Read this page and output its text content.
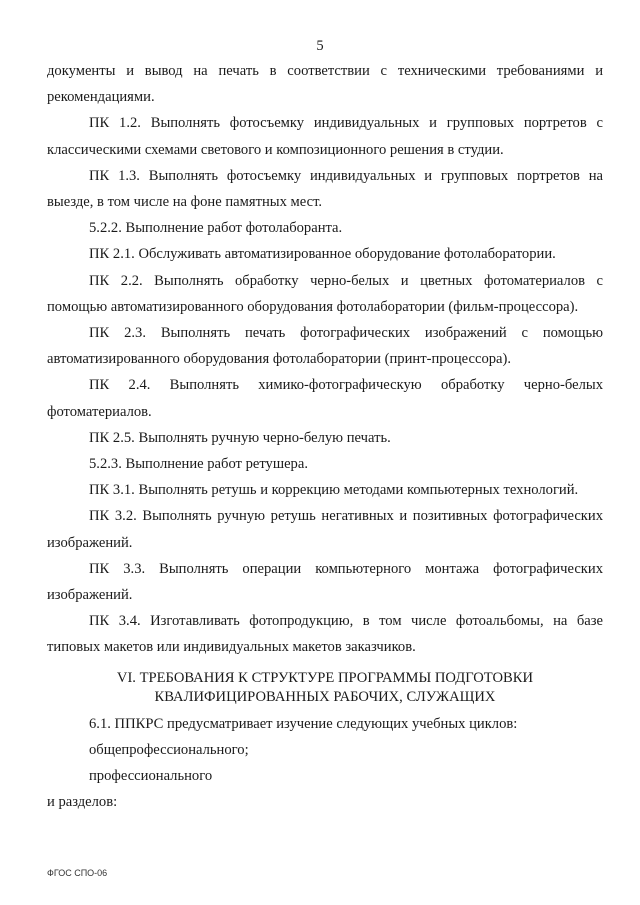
5

документы и вывод на печать в соответствии с техническими требованиями и рекомендациями.

ПК 1.2. Выполнять фотосъемку индивидуальных и групповых портретов с классическими схемами светового и композиционного решения в студии.

ПК 1.3. Выполнять фотосъемку индивидуальных и групповых портретов на выезде, в том числе на фоне памятных мест.

5.2.2. Выполнение работ фотолаборанта.

ПК 2.1. Обслуживать автоматизированное оборудование фотолаборатории.

ПК 2.2. Выполнять обработку черно-белых и цветных фотоматериалов с помощью автоматизированного оборудования фотолаборатории (фильм-процессора).

ПК 2.3. Выполнять печать фотографических изображений с помощью автоматизированного оборудования фотолаборатории (принт-процессора).

ПК 2.4. Выполнять химико-фотографическую обработку черно-белых фотоматериалов.

ПК 2.5. Выполнять ручную черно-белую печать.

5.2.3. Выполнение работ ретушера.

ПК 3.1. Выполнять ретушь и коррекцию методами компьютерных технологий.

ПК 3.2. Выполнять ручную ретушь негативных и позитивных фотографических изображений.

ПК 3.3. Выполнять операции компьютерного монтажа фотографических изображений.

ПК 3.4. Изготавливать фотопродукцию, в том числе фотоальбомы, на базе типовых макетов или индивидуальных макетов заказчиков.

VI. ТРЕБОВАНИЯ К СТРУКТУРЕ ПРОГРАММЫ ПОДГОТОВКИ
КВАЛИФИЦИРОВАННЫХ РАБОЧИХ, СЛУЖАЩИХ

6.1. ППКРС предусматривает изучение следующих учебных циклов:

общепрофессионального;

профессионального

и разделов:

ФГОС СПО-06
